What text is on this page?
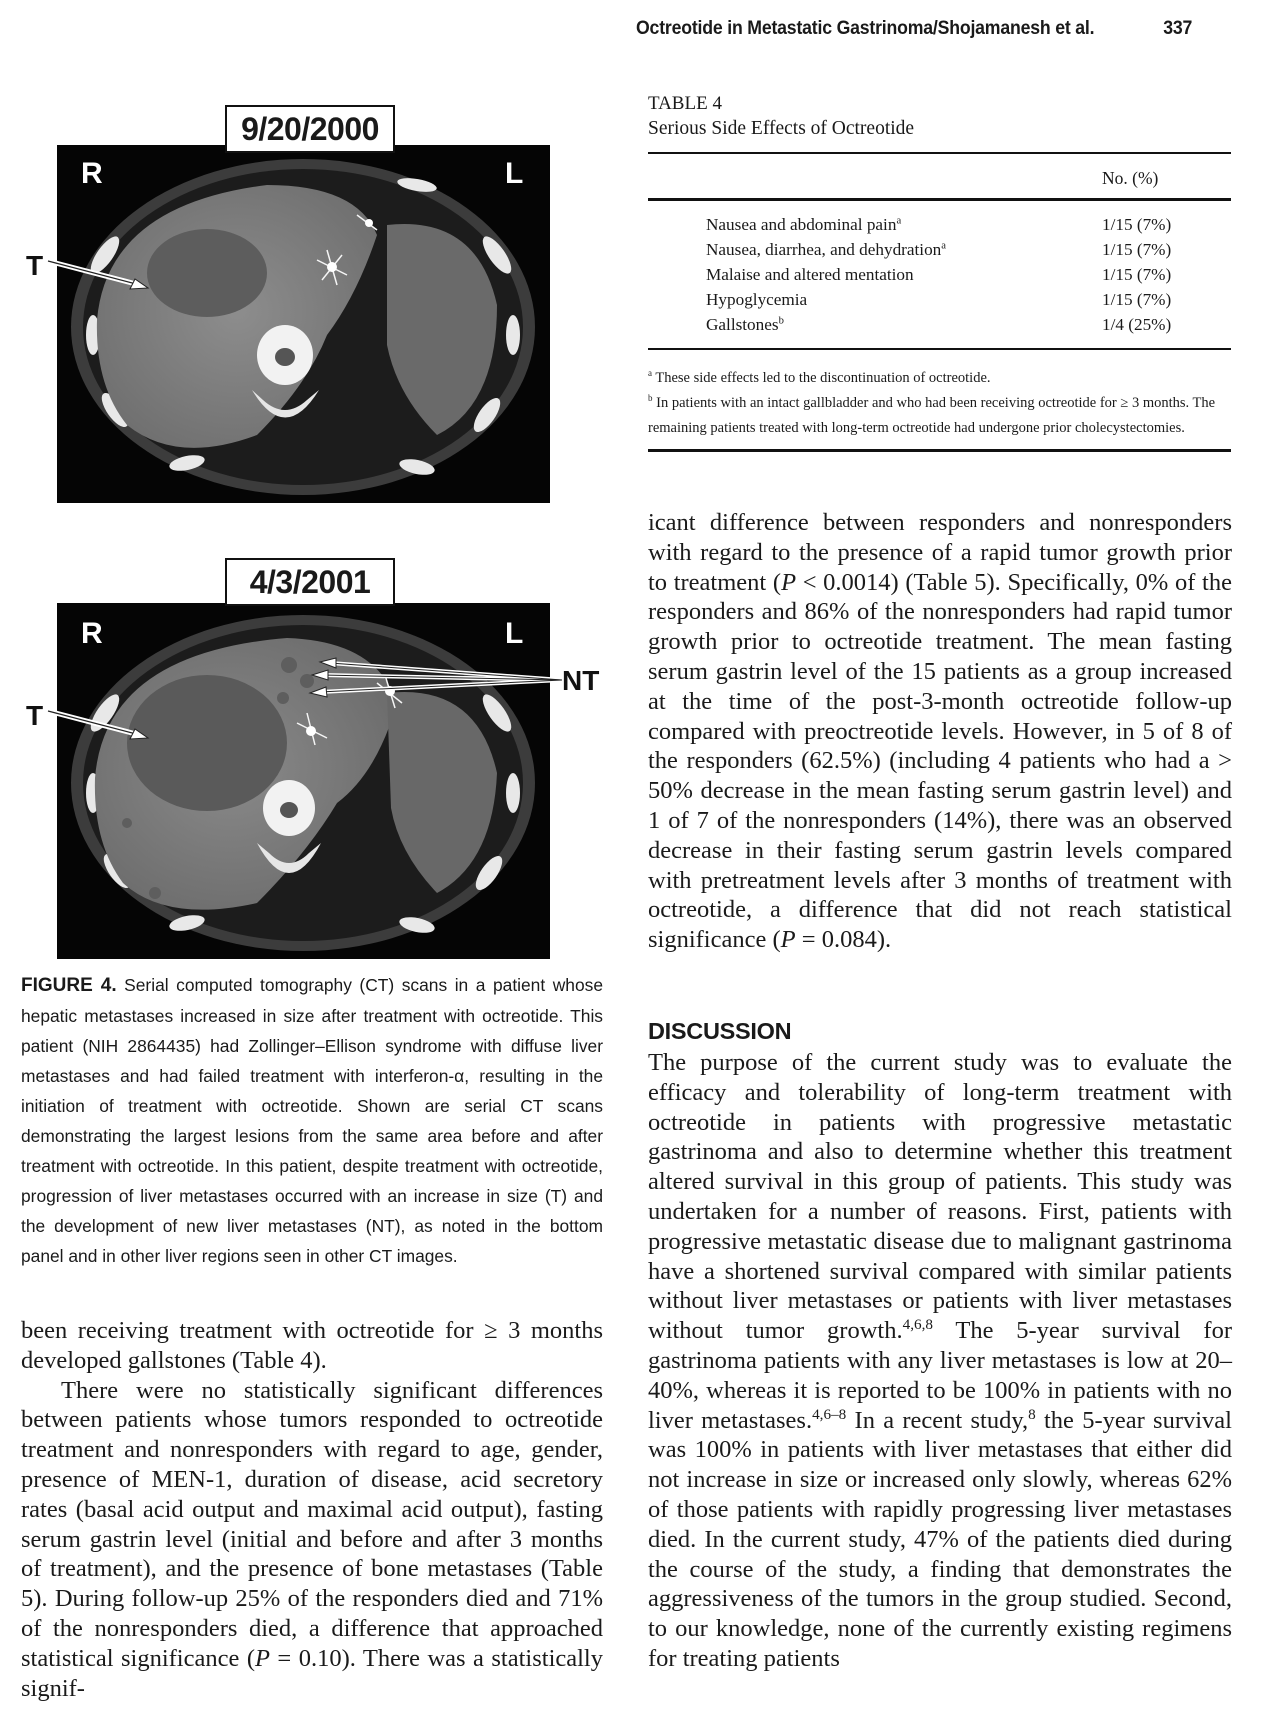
Octreotide in Metastatic Gastrinoma/Shojamanesh et al.	337
R	L
9/20/2000
T
R	L
4/3/2001
T
NT
FIGURE 4. Serial computed tomography (CT) scans in a patient whose hepatic metastases increased in size after treatment with octreotide. This patient (NIH 2864435) had Zollinger–Ellison syndrome with diffuse liver metastases and had failed treatment with interferon-α, resulting in the initiation of treatment with octreotide. Shown are serial CT scans demonstrating the largest lesions from the same area before and after treatment with octreotide. In this patient, despite treatment with octreotide, progression of liver metastases occurred with an increase in size (T) and the development of new liver metastases (NT), as noted in the bottom panel and in other liver regions seen in other CT images.
TABLE 4
Serious Side Effects of Octreotide
No. (%)
Nausea and abdominal pain$^a$	1/15 (7%)
Nausea, diarrhea, and dehydration$^a$	1/15 (7%)
Malaise and altered mentation	1/15 (7%)
Hypoglycemia	1/15 (7%)
Gallstones$^b$	1/4 (25%)
$^a$ These side effects led to the discontinuation of octreotide.
$^b$ In patients with an intact gallbladder and who had been receiving octreotide for ≥ 3 months. The remaining patients treated with long-term octreotide had undergone prior cholecystectomies.

icant difference between responders and nonresponders with regard to the presence of a rapid tumor growth prior to treatment (P < 0.0014) (Table 5). Specifically, 0% of the responders and 86% of the nonresponders had rapid tumor growth prior to octreotide treatment. The mean fasting serum gastrin level of the 15 patients as a group increased at the time of the post-3-month octreotide follow-up compared with preoctreotide levels. However, in 5 of 8 of the responders (62.5%) (including 4 patients who had a > 50% decrease in the mean fasting serum gastrin level) and 1 of 7 of the nonresponders (14%), there was an observed decrease in their fasting serum gastrin levels compared with pretreatment levels after 3 months of treatment with octreotide, a difference that did not reach statistical significance (P = 0.084).

DISCUSSION

The purpose of the current study was to evaluate the efficacy and tolerability of long-term treatment with octreotide in patients with progressive metastatic gastrinoma and also to determine whether this treatment altered survival in this group of patients. This study was undertaken for a number of reasons. First, patients with progressive metastatic disease due to malignant gastrinoma have a shortened survival compared with similar patients without liver metastases or patients with liver metastases without tumor growth.$^{4,6,8}$ The 5-year survival for gastrinoma patients with any liver metastases is low at 20–40%, whereas it is reported to be 100% in patients with no liver metastases.$^{4,6-8}$ In a recent study,$^8$ the 5-year survival was 100% in patients with liver metastases that either did not increase in size or increased only slowly, whereas 62% of those patients with rapidly progressing liver metastases died. In the current study, 47% of the patients died during the course of the study, a finding that demonstrates the aggressiveness of the tumors in the group studied. Second, to our knowledge, none of the currently existing regimens for treating patients

been receiving treatment with octreotide for ≥ 3 months developed gallstones (Table 4).

There were no statistically significant differences between patients whose tumors responded to octreotide treatment and nonresponders with regard to age, gender, presence of MEN-1, duration of disease, acid secretory rates (basal acid output and maximal acid output), fasting serum gastrin level (initial and before and after 3 months of treatment), and the presence of bone metastases (Table 5). During follow-up 25% of the responders died and 71% of the nonresponders died, a difference that approached statistical significance (P = 0.10). There was a statistically signif-
